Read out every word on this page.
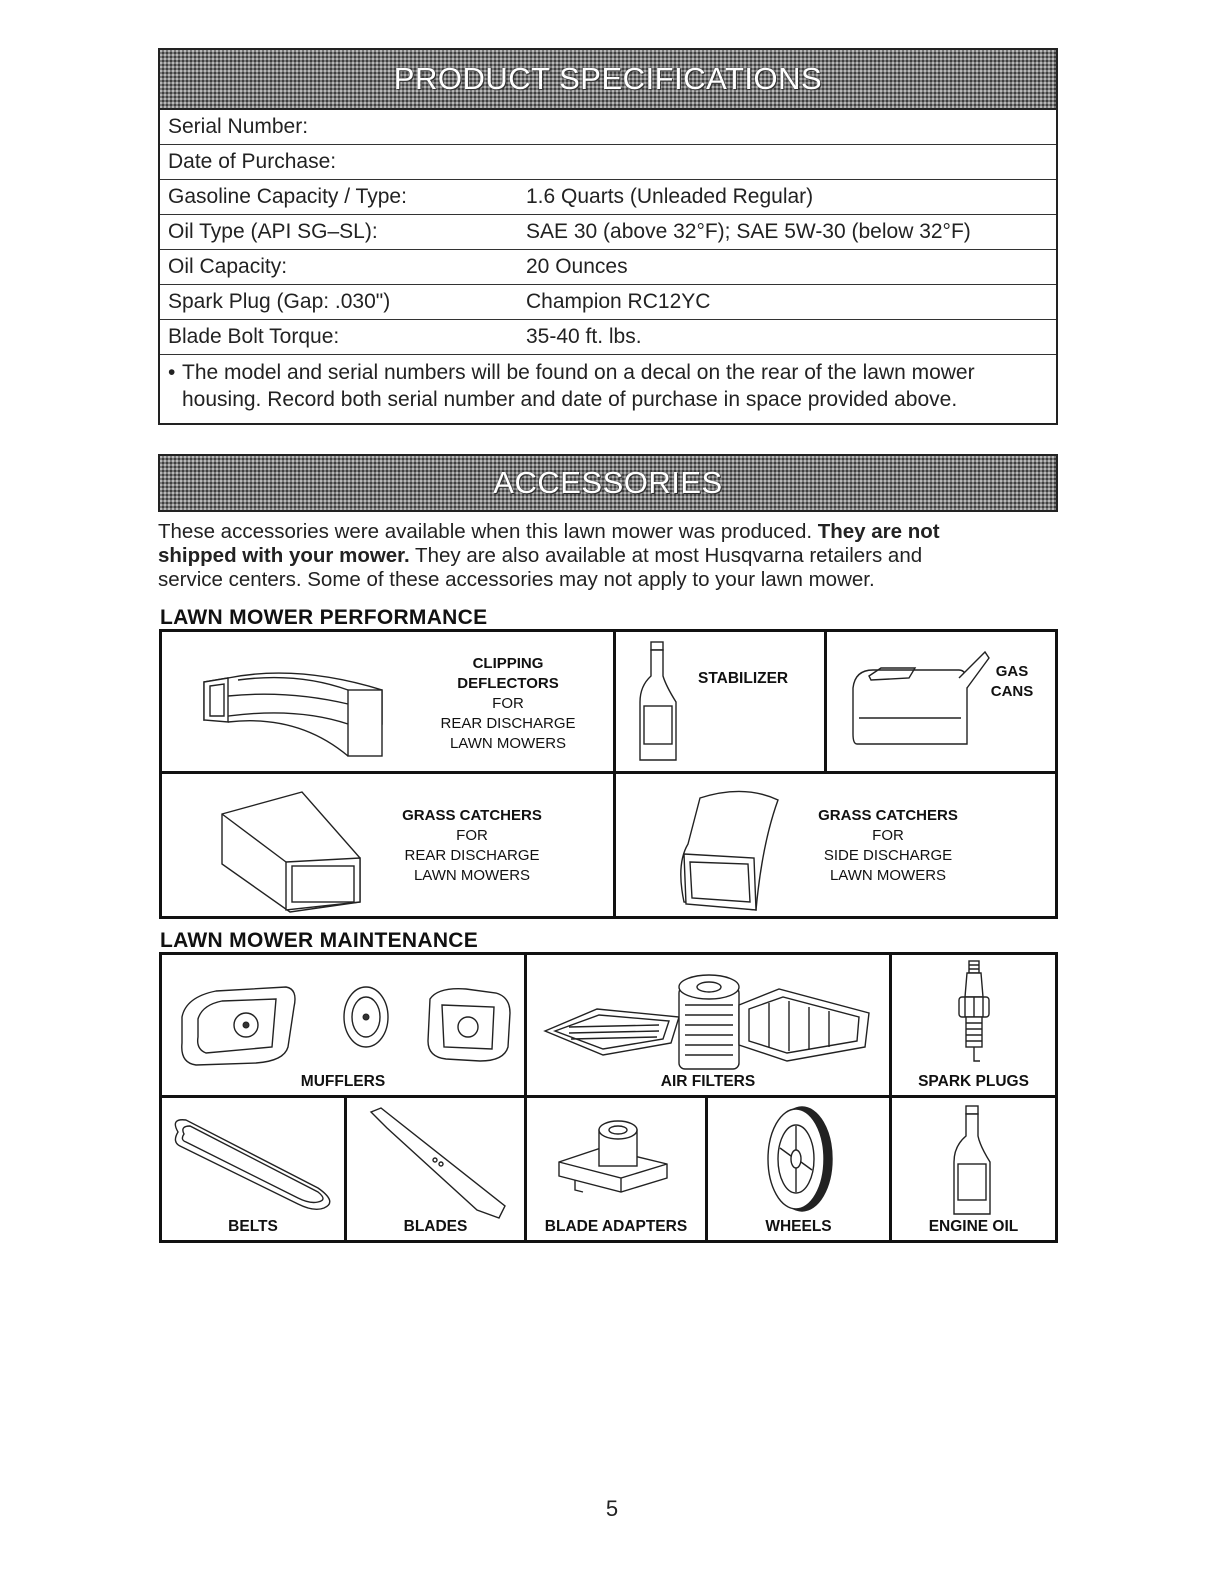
PRODUCT SPECIFICATIONS
Serial Number:
Date of Purchase:
Gasoline Capacity / Type:	1.6 Quarts (Unleaded Regular)
Oil Type (API SG–SL):	SAE 30 (above 32°F); SAE 5W-30 (below 32°F)
Oil Capacity:	20 Ounces
Spark Plug (Gap: .030")	Champion RC12YC
Blade Bolt Torque:	35-40 ft. lbs.
• The model and serial numbers will be found on a decal on the rear of the lawn mower
housing. Record both serial number and date of purchase in space provided above.
ACCESSORIES
These accessories were available when this lawn mower was produced. They are not
shipped with your mower. They are also available at most Husqvarna retailers and
service centers. Some of these accessories may not apply to your lawn mower.
LAWN MOWER PERFORMANCE
CLIPPING
DEFLECTORS
FOR
REAR DISCHARGE
LAWN MOWERS
STABILIZER	GAS
CANS
GRASS CATCHERS
FOR
REAR DISCHARGE
LAWN MOWERS
GRASS CATCHERS
FOR
SIDE DISCHARGE
LAWN MOWERS
LAWN MOWER MAINTENANCE
MUFFLERS	AIR FILTERS	SPARK PLUGS
BELTS	BLADES	BLADE ADAPTERS	WHEELS	ENGINE OIL
5
